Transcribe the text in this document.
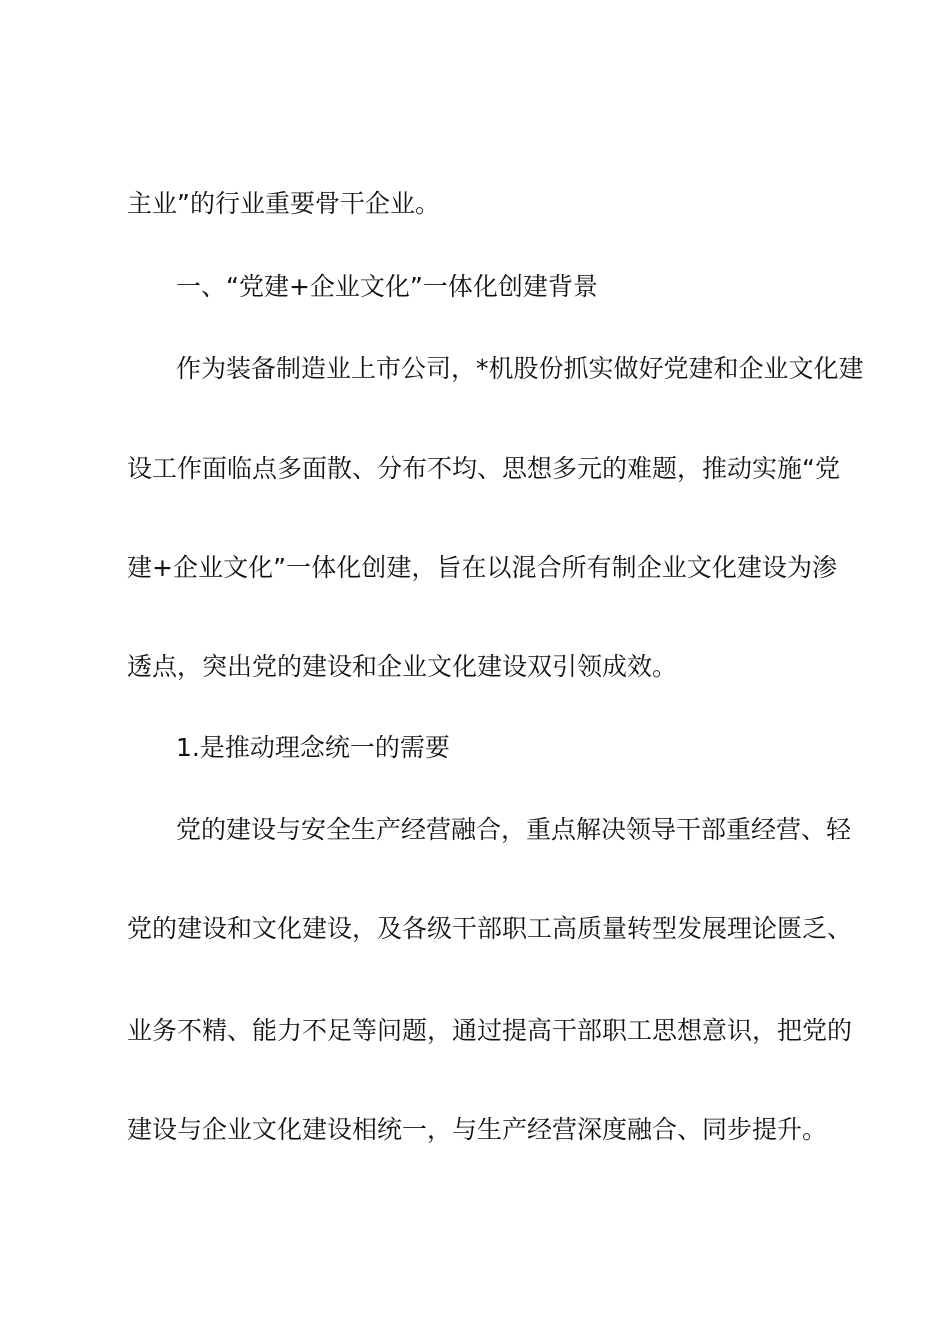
主业”的行业重要骨干企业。
一、“党建+企业文化”一体化创建背景
作为装备制造业上市公司，*机股份抓实做好党建和企业文化建
设工作面临点多面散、分布不均、思想多元的难题，推动实施“党
建+企业文化”一体化创建，旨在以混合所有制企业文化建设为渗
透点，突出党的建设和企业文化建设双引领成效。
1.是推动理念统一的需要
党的建设与安全生产经营融合，重点解决领导干部重经营、轻
党的建设和文化建设，及各级干部职工高质量转型发展理论匮乏、
业务不精、能力不足等问题，通过提高干部职工思想意识，把党的
建设与企业文化建设相统一，与生产经营深度融合、同步提升。
